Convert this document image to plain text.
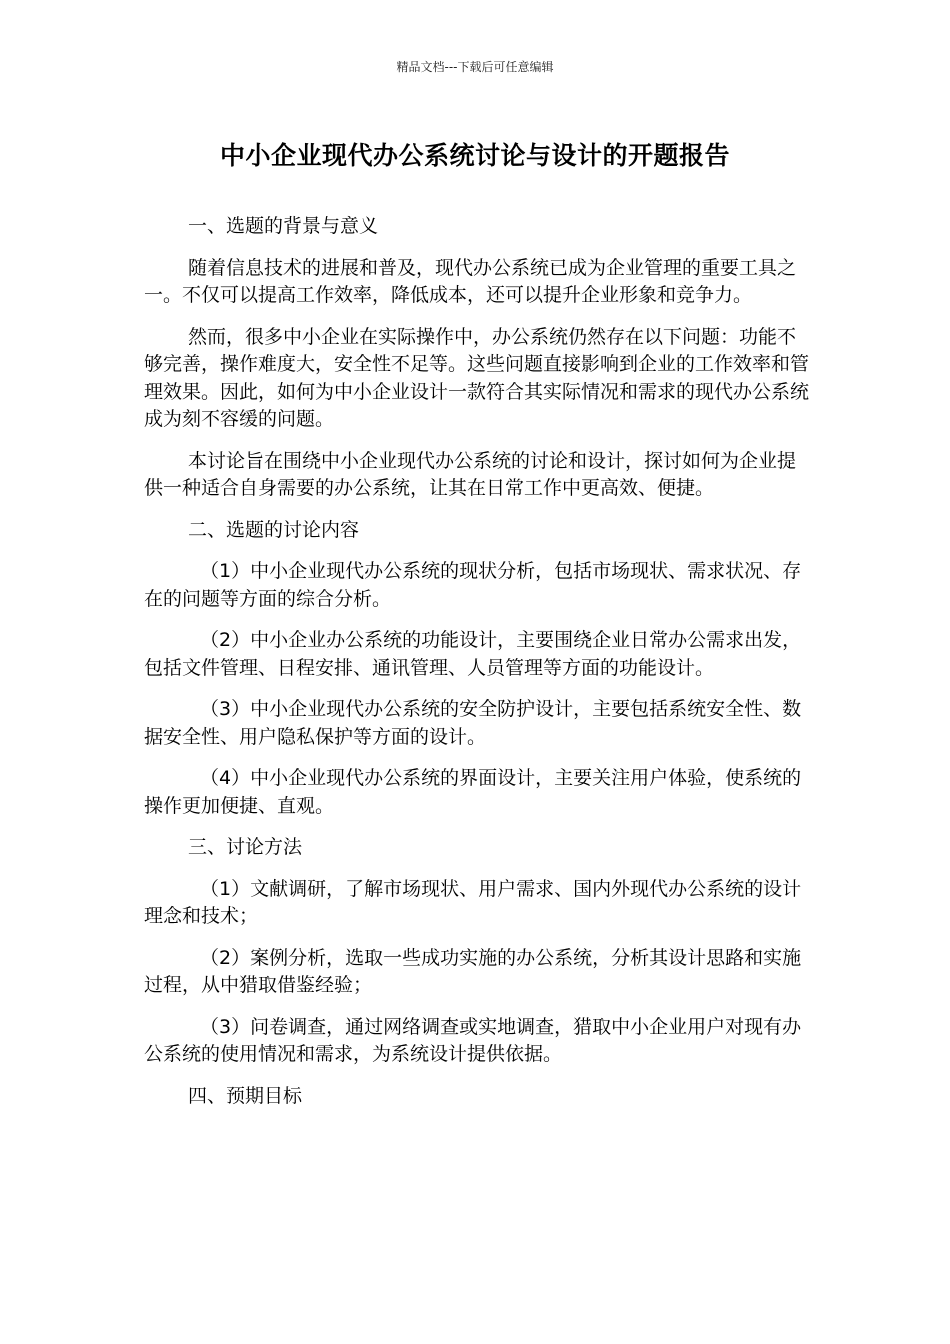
精品文档---下载后可任意编辑
中小企业现代办公系统讨论与设计的开题报告

一、选题的背景与意义

随着信息技术的进展和普及，现代办公系统已成为企业管理的重要工具之一。不仅可以提高工作效率，降低成本，还可以提升企业形象和竞争力。

然而，很多中小企业在实际操作中，办公系统仍然存在以下问题：功能不够完善，操作难度大，安全性不足等。这些问题直接影响到企业的工作效率和管理效果。因此，如何为中小企业设计一款符合其实际情况和需求的现代办公系统成为刻不容缓的问题。

本讨论旨在围绕中小企业现代办公系统的讨论和设计，探讨如何为企业提供一种适合自身需要的办公系统，让其在日常工作中更高效、便捷。

二、选题的讨论内容

（1）中小企业现代办公系统的现状分析，包括市场现状、需求状况、存在的问题等方面的综合分析。

（2）中小企业办公系统的功能设计，主要围绕企业日常办公需求出发，包括文件管理、日程安排、通讯管理、人员管理等方面的功能设计。

（3）中小企业现代办公系统的安全防护设计，主要包括系统安全性、数据安全性、用户隐私保护等方面的设计。

（4）中小企业现代办公系统的界面设计，主要关注用户体验，使系统的操作更加便捷、直观。

三、讨论方法

（1）文献调研，了解市场现状、用户需求、国内外现代办公系统的设计理念和技术；

（2）案例分析，选取一些成功实施的办公系统，分析其设计思路和实施过程，从中猎取借鉴经验；

（3）问卷调查，通过网络调查或实地调查，猎取中小企业用户对现有办公系统的使用情况和需求，为系统设计提供依据。

四、预期目标
